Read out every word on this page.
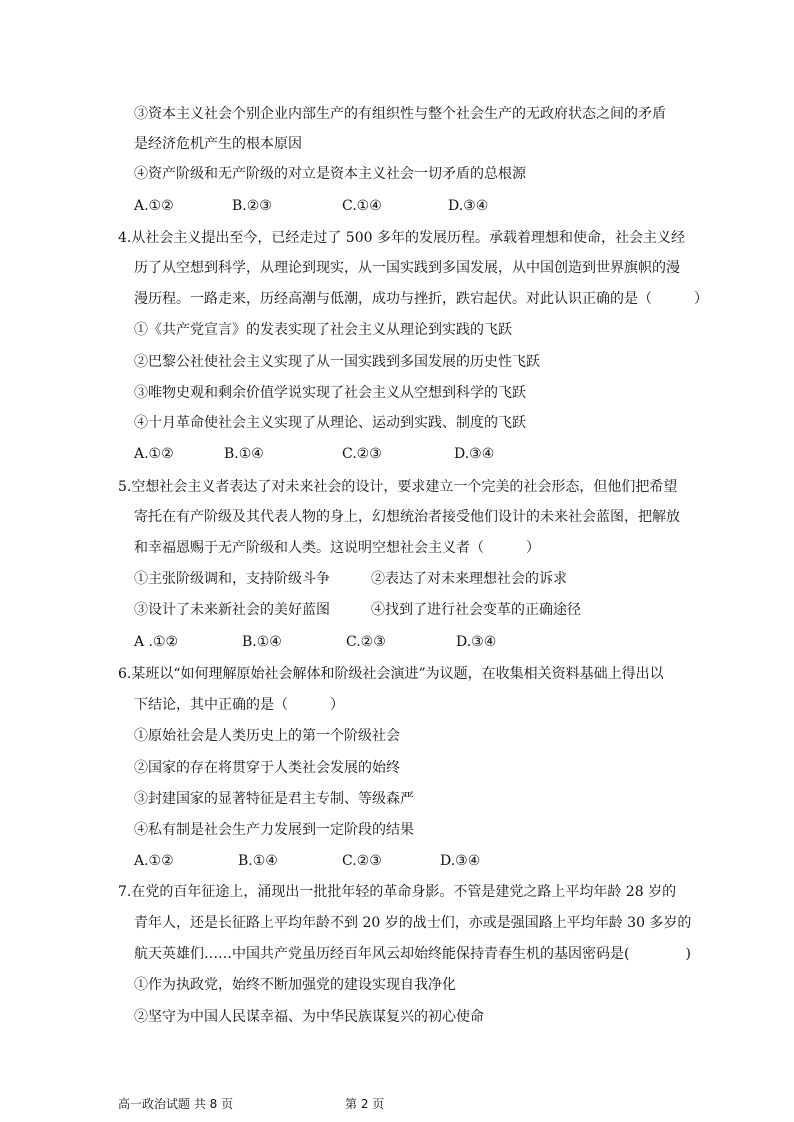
③资本主义社会个别企业内部生产的有组织性与整个社会生产的无政府状态之间的矛盾
是经济危机产生的根本原因
④资产阶级和无产阶级的对立是资本主义社会一切矛盾的总根源
A.①②	B.②③	C.①④	D.③④
4.从社会主义提出至今，已经走过了 500 多年的发展历程。承载着理想和使命，社会主义经
历了从空想到科学，从理论到现实，从一国实践到多国发展，从中国创造到世界旗帜的漫
漫历程。一路走来，历经高潮与低潮，成功与挫折，跌宕起伏。对此认识正确的是（　　　）
①《共产党宣言》的发表实现了社会主义从理论到实践的飞跃
②巴黎公社使社会主义实现了从一国实践到多国发展的历史性飞跃
③唯物史观和剩余价值学说实现了社会主义从空想到科学的飞跃
④十月革命使社会主义实现了从理论、运动到实践、制度的飞跃
A.①②	B.①④	C.②③	D.③④
5.空想社会主义者表达了对未来社会的设计，要求建立一个完美的社会形态，但他们把希望
寄托在有产阶级及其代表人物的身上，幻想统治者接受他们设计的未来社会蓝图，把解放
和幸福恩赐于无产阶级和人类。这说明空想社会主义者（　　　）
①主张阶级调和，支持阶级斗争	②表达了对未来理想社会的诉求
③设计了未来新社会的美好蓝图	④找到了进行社会变革的正确途径
A .①②	B.①④	C.②③	D.③④
6.某班以“如何理解原始社会解体和阶级社会演进”为议题，在收集相关资料基础上得出以
下结论，其中正确的是（　　　）
①原始社会是人类历史上的第一个阶级社会
②国家的存在将贯穿于人类社会发展的始终
③封建国家的显著特征是君主专制、等级森严
④私有制是社会生产力发展到一定阶段的结果
A.①②	B.①④	C.②③	D.③④
7.在党的百年征途上，涌现出一批批年轻的革命身影。不管是建党之路上平均年龄 28 岁的
青年人，还是长征路上平均年龄不到 20 岁的战士们，亦或是强国路上平均年龄 30 多岁的
航天英雄们……中国共产党虽历经百年风云却始终能保持青春生机的基因密码是(　　　　)
①作为执政党，始终不断加强党的建设实现自我净化
②坚守为中国人民谋幸福、为中华民族谋复兴的初心使命
高一政治试题 共 8 页	第 2 页
